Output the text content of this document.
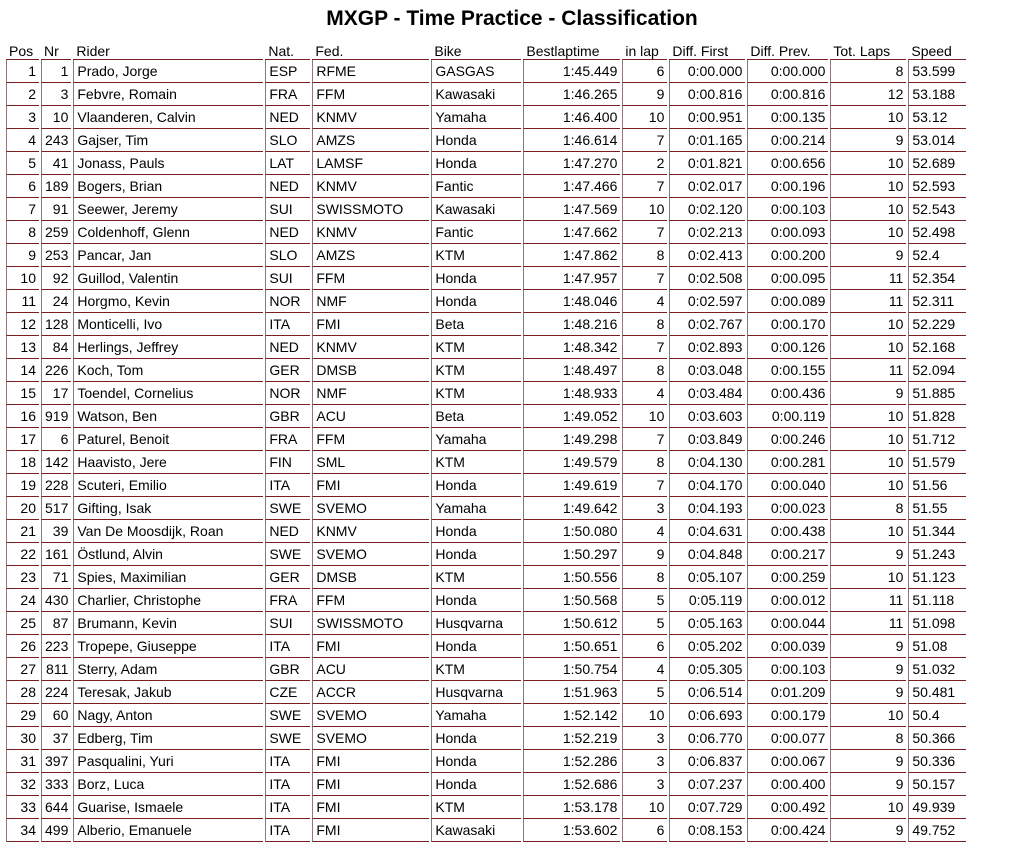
MXGP - Time Practice - Classification
Pos	Nr	Rider	Nat.	Fed.	Bike	Bestlaptime	in lap	Diff. First	Diff. Prev.	Tot. Laps	Speed
1	1	Prado, Jorge	ESP	RFME	GASGAS	1:45.449	6	0:00.000	0:00.000	8	53.599
2	3	Febvre, Romain	FRA	FFM	Kawasaki	1:46.265	9	0:00.816	0:00.816	12	53.188
3	10	Vlaanderen, Calvin	NED	KNMV	Yamaha	1:46.400	10	0:00.951	0:00.135	10	53.12
4	243	Gajser, Tim	SLO	AMZS	Honda	1:46.614	7	0:01.165	0:00.214	9	53.014
5	41	Jonass, Pauls	LAT	LAMSF	Honda	1:47.270	2	0:01.821	0:00.656	10	52.689
6	189	Bogers, Brian	NED	KNMV	Fantic	1:47.466	7	0:02.017	0:00.196	10	52.593
7	91	Seewer, Jeremy	SUI	SWISSMOTO	Kawasaki	1:47.569	10	0:02.120	0:00.103	10	52.543
8	259	Coldenhoff, Glenn	NED	KNMV	Fantic	1:47.662	7	0:02.213	0:00.093	10	52.498
9	253	Pancar, Jan	SLO	AMZS	KTM	1:47.862	8	0:02.413	0:00.200	9	52.4
10	92	Guillod, Valentin	SUI	FFM	Honda	1:47.957	7	0:02.508	0:00.095	11	52.354
11	24	Horgmo, Kevin	NOR	NMF	Honda	1:48.046	4	0:02.597	0:00.089	11	52.311
12	128	Monticelli, Ivo	ITA	FMI	Beta	1:48.216	8	0:02.767	0:00.170	10	52.229
13	84	Herlings, Jeffrey	NED	KNMV	KTM	1:48.342	7	0:02.893	0:00.126	10	52.168
14	226	Koch, Tom	GER	DMSB	KTM	1:48.497	8	0:03.048	0:00.155	11	52.094
15	17	Toendel, Cornelius	NOR	NMF	KTM	1:48.933	4	0:03.484	0:00.436	9	51.885
16	919	Watson, Ben	GBR	ACU	Beta	1:49.052	10	0:03.603	0:00.119	10	51.828
17	6	Paturel, Benoit	FRA	FFM	Yamaha	1:49.298	7	0:03.849	0:00.246	10	51.712
18	142	Haavisto, Jere	FIN	SML	KTM	1:49.579	8	0:04.130	0:00.281	10	51.579
19	228	Scuteri, Emilio	ITA	FMI	Honda	1:49.619	7	0:04.170	0:00.040	10	51.56
20	517	Gifting, Isak	SWE	SVEMO	Yamaha	1:49.642	3	0:04.193	0:00.023	8	51.55
21	39	Van De Moosdijk, Roan	NED	KNMV	Honda	1:50.080	4	0:04.631	0:00.438	10	51.344
22	161	Östlund, Alvin	SWE	SVEMO	Honda	1:50.297	9	0:04.848	0:00.217	9	51.243
23	71	Spies, Maximilian	GER	DMSB	KTM	1:50.556	8	0:05.107	0:00.259	10	51.123
24	430	Charlier, Christophe	FRA	FFM	Honda	1:50.568	5	0:05.119	0:00.012	11	51.118
25	87	Brumann, Kevin	SUI	SWISSMOTO	Husqvarna	1:50.612	5	0:05.163	0:00.044	11	51.098
26	223	Tropepe, Giuseppe	ITA	FMI	Honda	1:50.651	6	0:05.202	0:00.039	9	51.08
27	811	Sterry, Adam	GBR	ACU	KTM	1:50.754	4	0:05.305	0:00.103	9	51.032
28	224	Teresak, Jakub	CZE	ACCR	Husqvarna	1:51.963	5	0:06.514	0:01.209	9	50.481
29	60	Nagy, Anton	SWE	SVEMO	Yamaha	1:52.142	10	0:06.693	0:00.179	10	50.4
30	37	Edberg, Tim	SWE	SVEMO	Honda	1:52.219	3	0:06.770	0:00.077	8	50.366
31	397	Pasqualini, Yuri	ITA	FMI	Honda	1:52.286	3	0:06.837	0:00.067	9	50.336
32	333	Borz, Luca	ITA	FMI	Honda	1:52.686	3	0:07.237	0:00.400	9	50.157
33	644	Guarise, Ismaele	ITA	FMI	KTM	1:53.178	10	0:07.729	0:00.492	10	49.939
34	499	Alberio, Emanuele	ITA	FMI	Kawasaki	1:53.602	6	0:08.153	0:00.424	9	49.752
